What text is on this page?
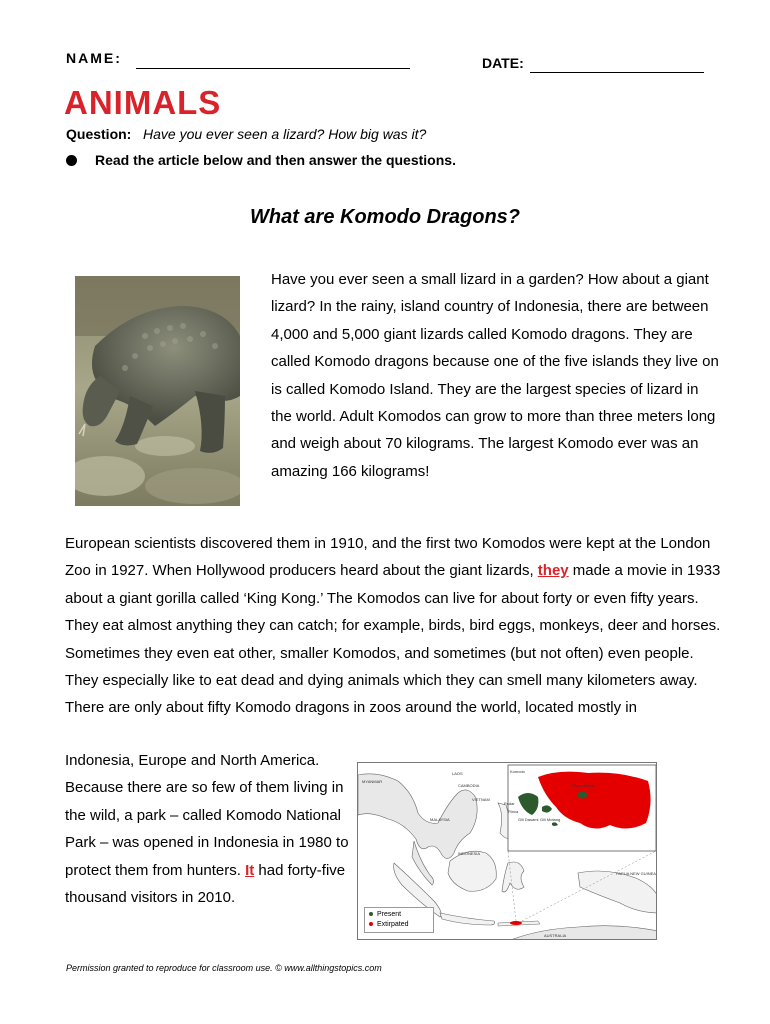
NAME:	DATE:
ANIMALS
Question: Have you ever seen a lizard? How big was it?
Read the article below and then answer the questions.
What are Komodo Dragons?
Have you ever seen a small lizard in a garden? How about a giant lizard? In the rainy, island country of Indonesia, there are between 4,000 and 5,000 giant lizards called Komodo dragons. They are called Komodo dragons because one of the five islands they live on is called Komodo Island. They are the largest species of lizard in the world. Adult Komodos can grow to more than three meters long and weigh about 70 kilograms. The largest Komodo ever was an amazing 166 kilograms!
European scientists discovered them in 1910, and the first two Komodos were kept at the London Zoo in 1927. When Hollywood producers heard about the giant lizards, they made a movie in 1933 about a giant gorilla called ‘King Kong.’ The Komodos can live for about forty or even fifty years. They eat almost anything they can catch; for example, birds, bird eggs, monkeys, deer and horses. Sometimes they even eat other, smaller Komodos, and sometimes (but not often) even people. They especially like to eat dead and dying animals which they can smell many kilometers away. There are only about fifty Komodo dragons in zoos around the world, located mostly in
Indonesia, Europe and North America. Because there are so few of them living in the wild, a park – called Komodo National Park – was opened in Indonesia in 1980 to protect them from hunters. It had forty-five thousand visitors in 2010.
LAOS
MYANMAR
CAMBODIA
VIETNAM
MALAYSIA
INDONESIA
PAPUA NEW GUINEA
AUSTRALIA
Komodo
Padar
Rinca
Gili Dasami Gili Motang
Flores South
Present
Extirpated
Permission granted to reproduce for classroom use. © www.allthingstopics.com
